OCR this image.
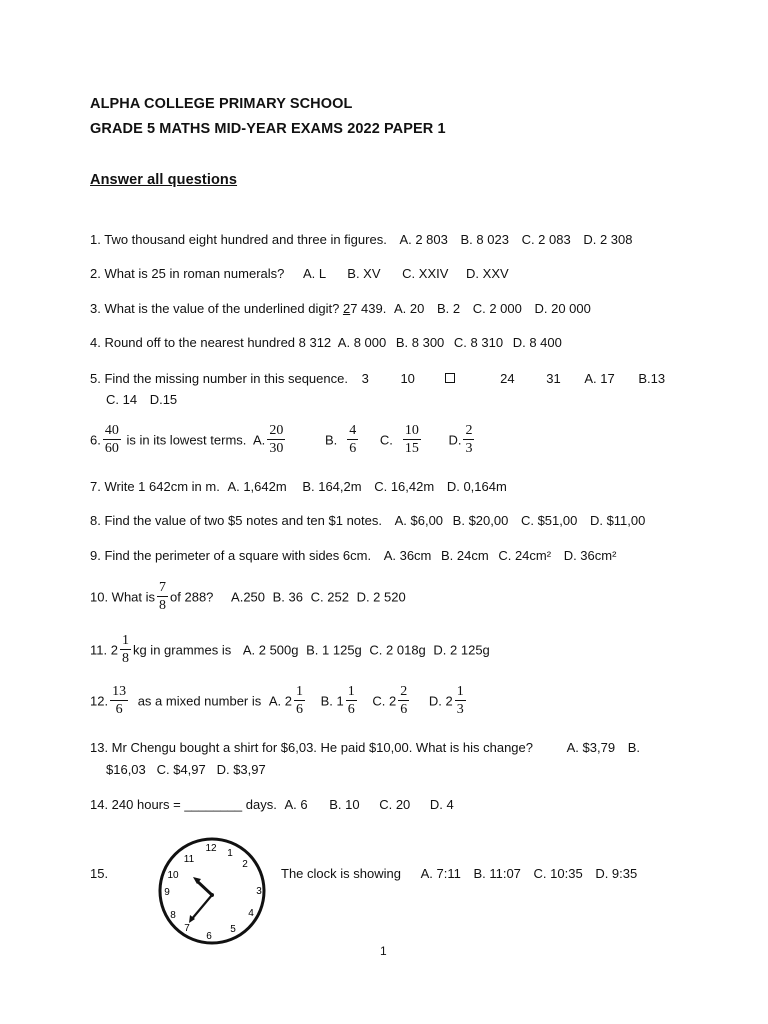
ALPHA COLLEGE PRIMARY SCHOOL
GRADE 5 MATHS MID-YEAR EXAMS 2022 PAPER 1
Answer all questions
1. Two thousand eight hundred and three in figures. A. 2 803 B. 8 023 C. 2 083 D. 2 308
2. What is 25 in roman numerals? A. L B. XV C. XXIV D. XXV
3. What is the value of the underlined digit? 27 439. A. 20 B. 2 C. 2 000 D. 20 000
4. Round off to the nearest hundred 8 312 A. 8 000 B. 8 300 C. 8 310 D. 8 400
5. Find the missing number in this sequence. 3 10	24 31 A. 17 B.13
C. 14 D.15
6. $\frac{40}{60}$ is in its lowest terms. A. $\frac{20}{30}$	B. $\frac{4}{6} C$. $\frac{10}{15} D$. $\frac{2}{3}$
7. Write 1 642cm in m. A. 1,642m B. 164,2m C. 16,42m D. 0,164m
8. Find the value of two $5 notes and ten $1 notes. A. $6,00 B. $20,00 C. $51,00 D. $11,00
9. Find the perimeter of a square with sides 6cm. A. 36cm B. 24cm C. 24cm² D. 36cm²
10. What is $\frac{7}{8}$ of 288? A.250 B. 36 C. 252 D. 2 520
11. $2 \frac{1}{8}$ kg in grammes is A. 2 500g B. 1 125g C. 2 018g D. 2 125g
12. $\frac{13}{6}$ as a mixed number is A. $2 \frac{1}{6} B$. $1 \frac{1}{6} C$. $2 \frac{2}{6} D$. $2 \frac{1}{3}$
13. Mr Chengu bought a shirt for $6,03. He paid $10,00. What is his change?	A. $3,79 B.
$16,03   C. $4,97   D. $3,97
14. 240 hours = ________ days. A. 6 B. 10 C. 20 D. 4
15.
12 1
2
3
4
5
6
7
8
9
10
11
The clock is showing A. 7:11 B. 11:07 C. 10:35 D. 9:35
1
